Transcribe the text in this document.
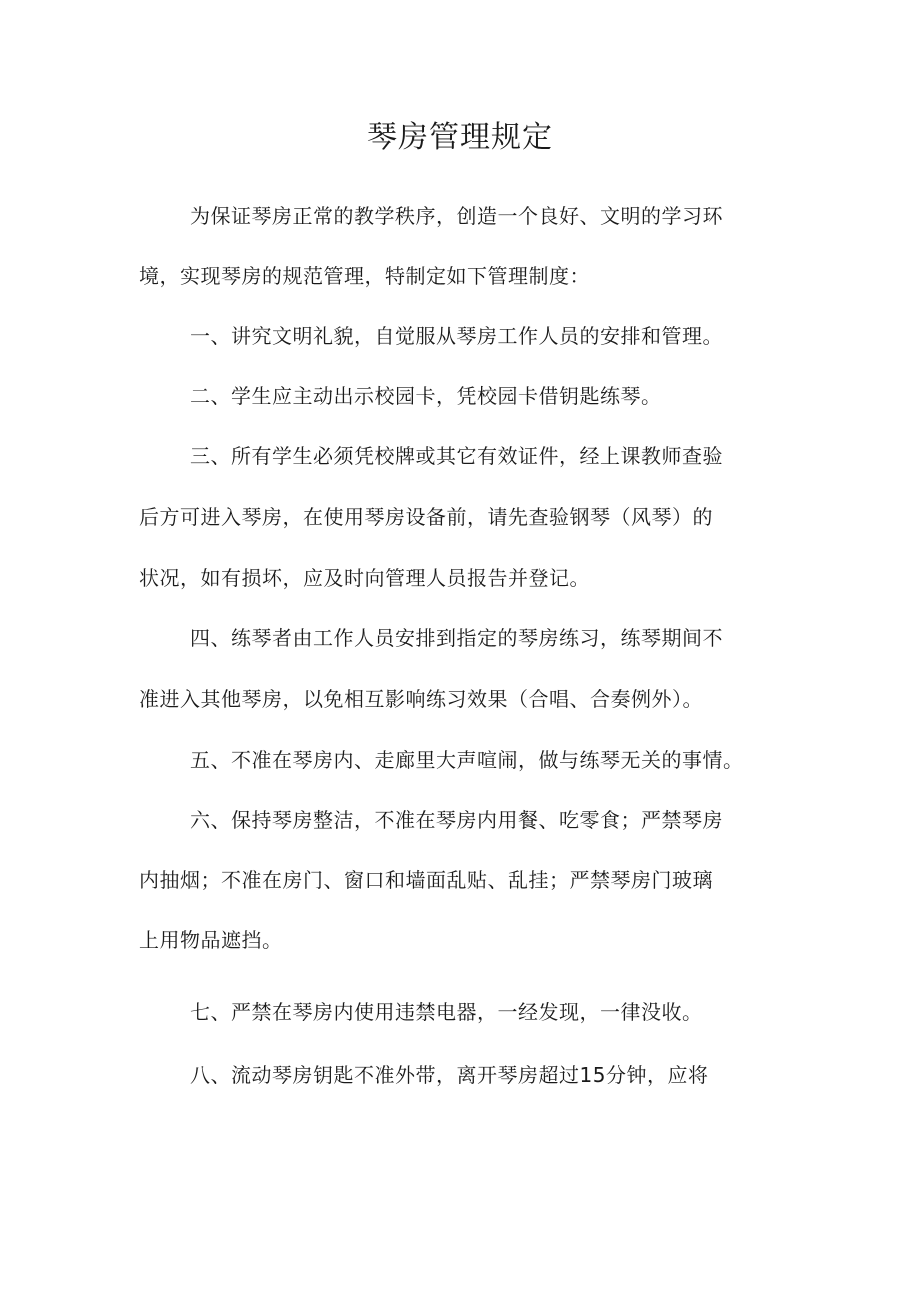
琴房管理规定

为保证琴房正常的教学秩序，创造一个良好、文明的学习环

境，实现琴房的规范管理，特制定如下管理制度：

一、讲究文明礼貌，自觉服从琴房工作人员的安排和管理。

二、学生应主动出示校园卡，凭校园卡借钥匙练琴。

三、所有学生必须凭校牌或其它有效证件，经上课教师查验

后方可进入琴房，在使用琴房设备前，请先查验钢琴（风琴）的

状况，如有损坏，应及时向管理人员报告并登记。

四、练琴者由工作人员安排到指定的琴房练习，练琴期间不

准进入其他琴房，以免相互影响练习效果（合唱、合奏例外）。

五、不准在琴房内、走廊里大声喧闹，做与练琴无关的事情。

六、保持琴房整洁，不准在琴房内用餐、吃零食；严禁琴房

内抽烟；不准在房门、窗口和墙面乱贴、乱挂；严禁琴房门玻璃

上用物品遮挡。

七、严禁在琴房内使用违禁电器，一经发现，一律没收。

八、流动琴房钥匙不准外带，离开琴房超过15分钟，应将
